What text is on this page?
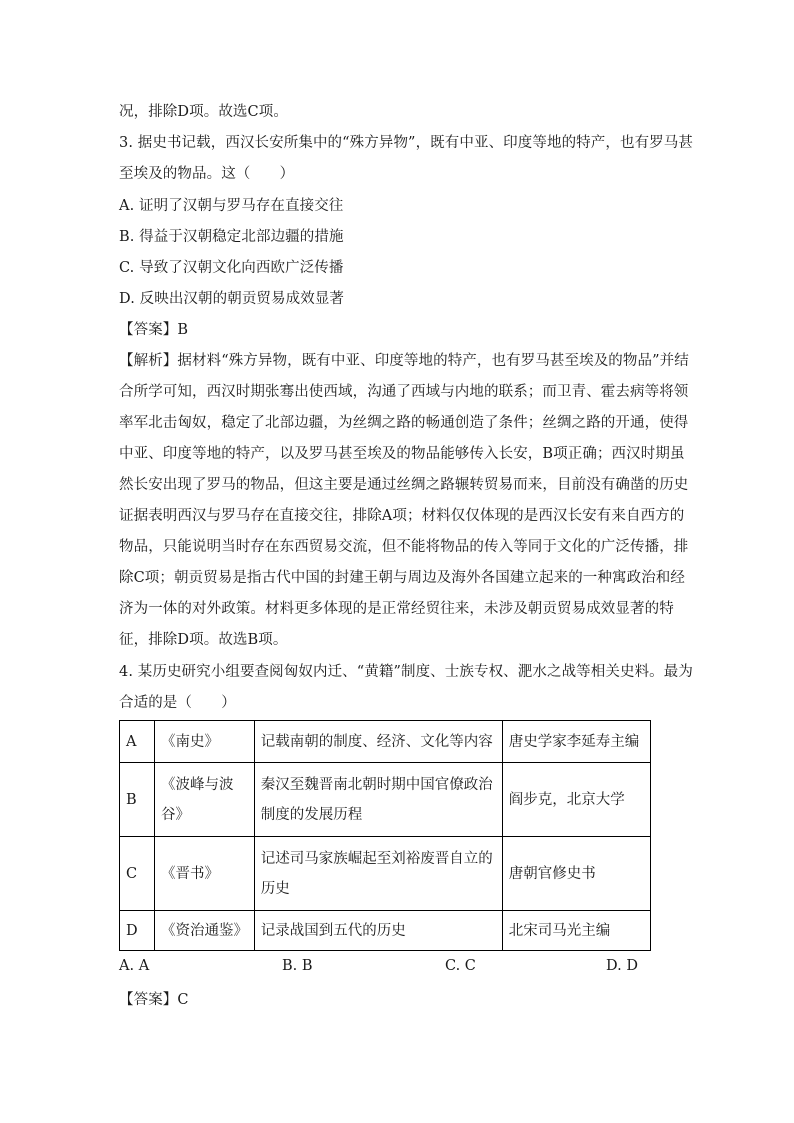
况，排除D项。故选C项。
3. 据史书记载，西汉长安所集中的“殊方异物”，既有中亚、印度等地的特产，也有罗马甚
至埃及的物品。这（　　）
A. 证明了汉朝与罗马存在直接交往
B. 得益于汉朝稳定北部边疆的措施
C. 导致了汉朝文化向西欧广泛传播
D. 反映出汉朝的朝贡贸易成效显著
【答案】B
【解析】据材料“殊方异物，既有中亚、印度等地的特产，也有罗马甚至埃及的物品”并结
合所学可知，西汉时期张骞出使西域，沟通了西域与内地的联系；而卫青、霍去病等将领
率军北击匈奴，稳定了北部边疆，为丝绸之路的畅通创造了条件；丝绸之路的开通，使得
中亚、印度等地的特产，以及罗马甚至埃及的物品能够传入长安，B项正确；西汉时期虽
然长安出现了罗马的物品，但这主要是通过丝绸之路辗转贸易而来，目前没有确凿的历史
证据表明西汉与罗马存在直接交往，排除A项；材料仅仅体现的是西汉长安有来自西方的
物品，只能说明当时存在东西贸易交流，但不能将物品的传入等同于文化的广泛传播，排
除C项；朝贡贸易是指古代中国的封建王朝与周边及海外各国建立起来的一种寓政治和经
济为一体的对外政策。材料更多体现的是正常经贸往来，未涉及朝贡贸易成效显著的特
征，排除D项。故选B项。
4. 某历史研究小组要查阅匈奴内迁、“黄籍”制度、士族专权、淝水之战等相关史料。最为
合适的是（　　）
A	《南史》	记载南朝的制度、经济、文化等内容	唐史学家李延寿主编
B	《波峰与波谷》	秦汉至魏晋南北朝时期中国官僚政治制度的发展历程	阎步克，北京大学
C	《晋书》	记述司马家族崛起至刘裕废晋自立的历史	唐朝官修史书
D	《资治通鉴》	记录战国到五代的历史	北宋司马光主编
A. A	B. B	C. C	D. D
【答案】C
